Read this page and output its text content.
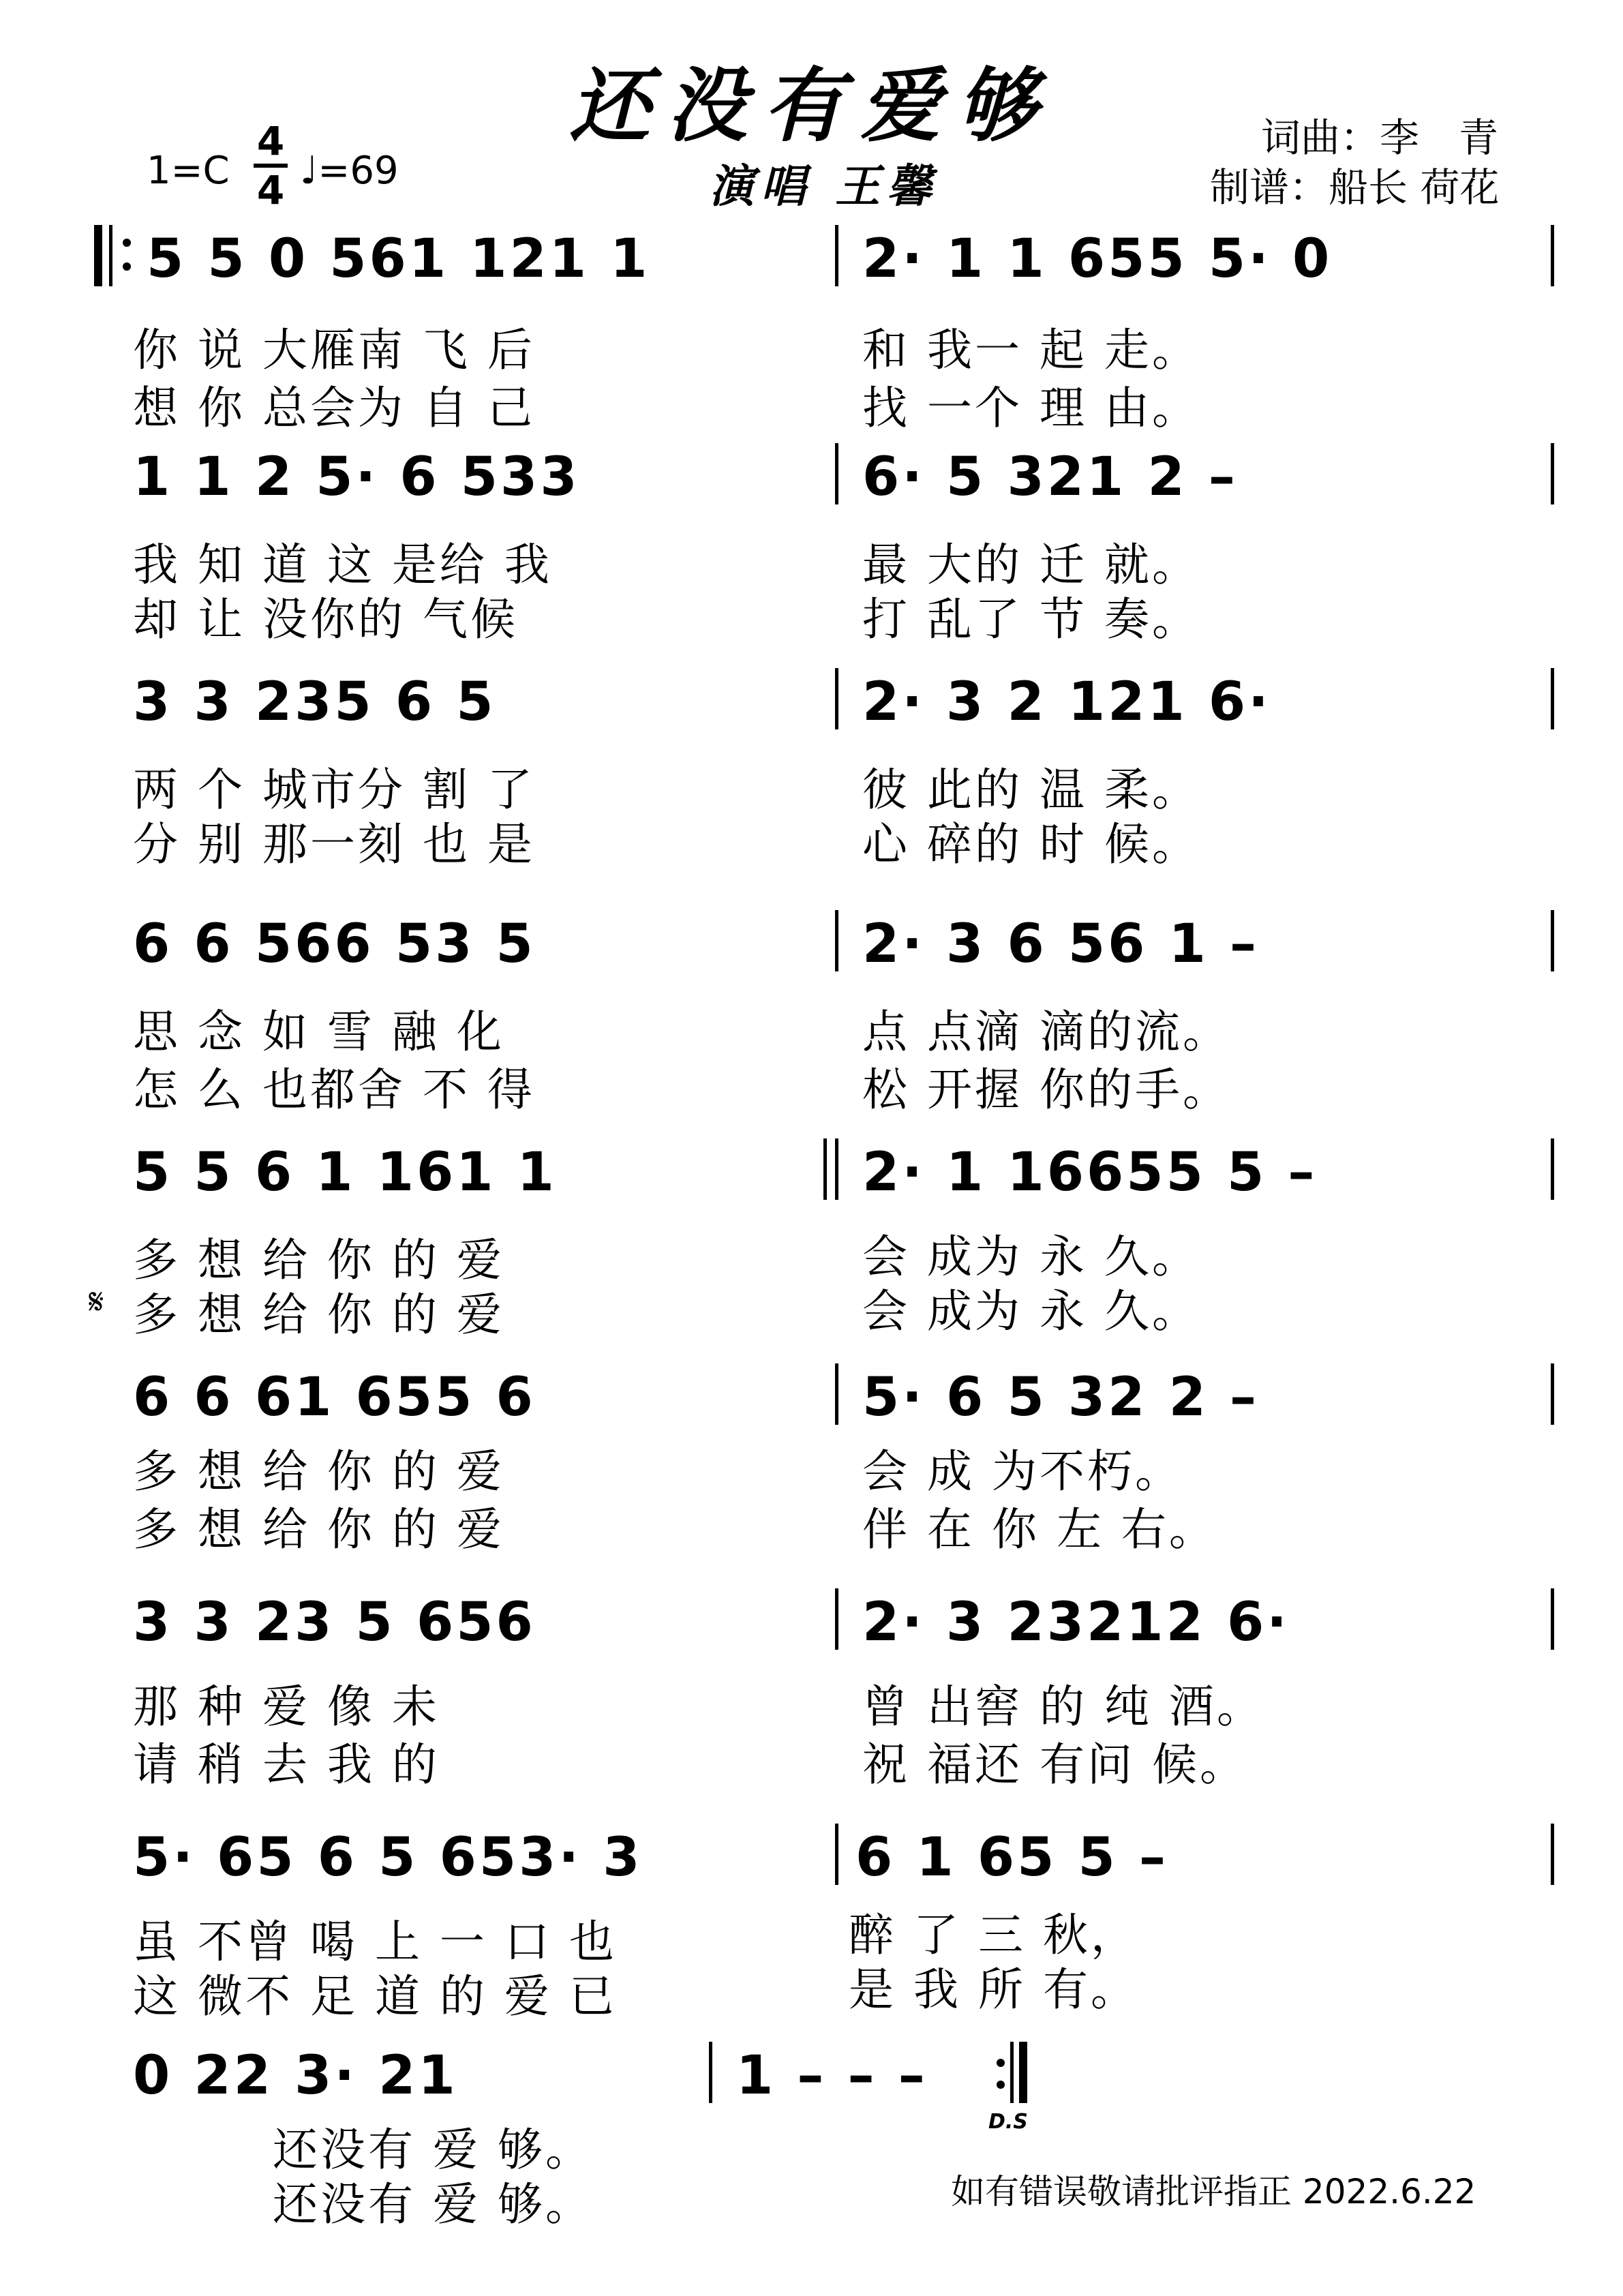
还没有爱够
演唱 王馨
词曲：李　青
制谱：船长 荷花
1=C
4
4 ♩=69
5 5 0 561 121 1	2· 1 1 655 5· 0
你 说 大雁南 飞 后	和 我一 起 走。
想 你 总会为 自 己	找 一个 理 由。
1 1 2 5· 6 533	6· 5 321 2 –
我 知 道 这 是给 我	最 大的 迁 就。
却 让 没你的 气候	打 乱了 节 奏。
3 3 235 6 5	2· 3 2 121 6·
两 个 城市分 割 了	彼 此的 温 柔。
分 别 那一刻 也 是	心 碎的 时 候。
6 6 566 53 5	2· 3 6 56 1 –
思 念 如 雪 融 化	点 点滴 滴的流。
怎 么 也都舍 不 得	松 开握 你的手。
5 5 6 1 161 1	2· 1 16655 5 –
多 想 给 你 的 爱	会 成为 永 久。
𝄋 多 想 给 你 的 爱	会 成为 永 久。
6 6 61 655 6	5· 6 5 32 2 –
多 想 给 你 的 爱	会 成 为不朽。
多 想 给 你 的 爱	伴 在 你 左 右。
3 3 23 5 656	2· 3 23212 6·
那 种 爱 像 未	曾 出窖 的 纯 酒。
请 稍 去 我 的	祝 福还 有问 候。
5· 65 6 5 653· 3	6 1 65 5 –
虽 不曾 喝 上 一 口 也	醉 了 三 秋，
这 微不 足 道 的 爱 已	是 我 所 有。
0 22 3· 21	1 – – –
D.S
还没有 爱 够。
还没有 爱 够。	如有错误敬请批评指正 2022.6.22
